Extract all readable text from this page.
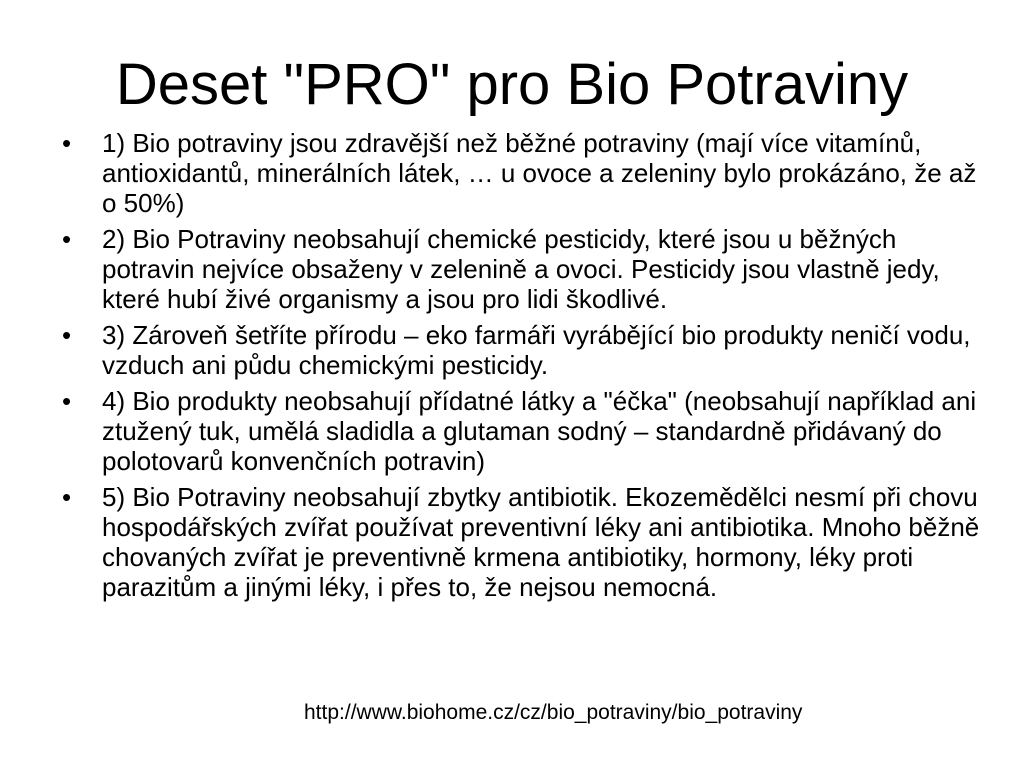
Deset "PRO" pro Bio Potraviny
•	1) Bio potraviny jsou zdravější než běžné potraviny (mají více vitamínů, antioxidantů, minerálních látek, … u ovoce a zeleniny bylo prokázáno, že až o 50%)
•	2) Bio Potraviny neobsahují chemické pesticidy, které jsou u běžných potravin nejvíce obsaženy v zelenině a ovoci. Pesticidy jsou vlastně jedy, které hubí živé organismy a jsou pro lidi škodlivé.
•	3) Zároveň šetříte přírodu – eko farmáři vyrábějící bio produkty neničí vodu, vzduch ani půdu chemickými pesticidy.
•	4) Bio produkty neobsahují přídatné látky a "éčka" (neobsahují například ani ztužený tuk, umělá sladidla a glutaman sodný – standardně přidávaný do polotovarů konvenčních potravin)
•	5) Bio Potraviny neobsahují zbytky antibiotik. Ekozemědělci nesmí při chovu hospodářských zvířat používat preventivní léky ani antibiotika. Mnoho běžně chovaných zvířat je preventivně krmena antibiotiky, hormony, léky proti parazitům a jinými léky, i přes to, že nejsou nemocná.
http://www.biohome.cz/cz/bio_potraviny/bio_potraviny
